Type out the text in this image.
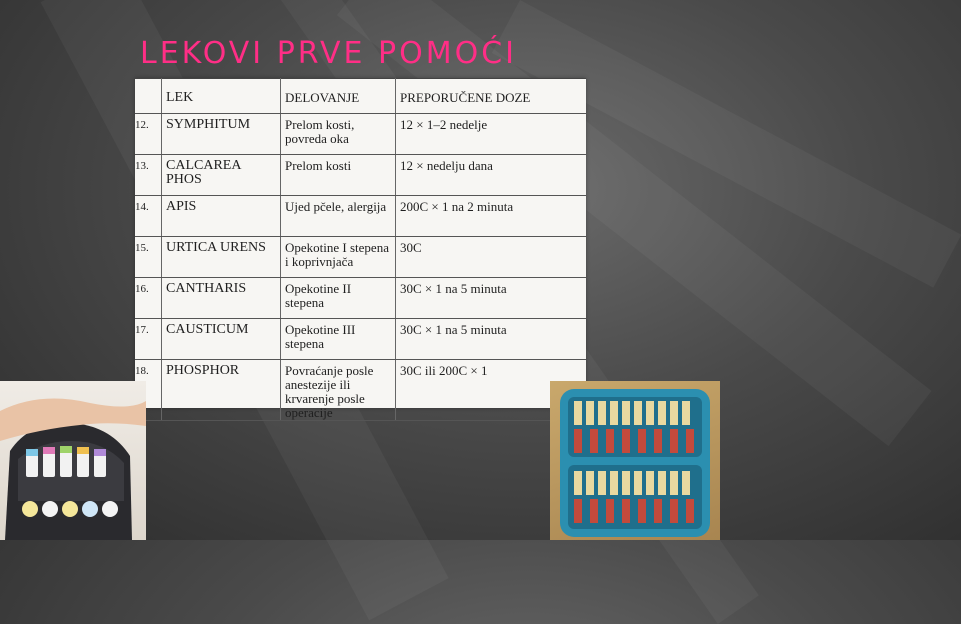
LEKOVI PRVE POMOĆI
	LEK	DELOVANJE	PREPORUČENE DOZE
12.	SYMPHITUM	Prelom kosti, povreda oka	12 × 1–2 nedelje
13.	CALCAREA PHOS	Prelom kosti	12 × nedelju dana
14.	APIS	Ujed pčele, alergija	200C × 1 na 2 minuta
15.	URTICA URENS	Opekotine I stepena i koprivnjača	30C
16.	CANTHARIS	Opekotine II stepena	30C × 1 na 5 minuta
17.	CAUSTICUM	Opekotine III stepena	30C × 1 na 5 minuta
18.	PHOSPHOR	Povraćanje posle anestezije ili krvarenje posle operacije	30C ili 200C × 1
